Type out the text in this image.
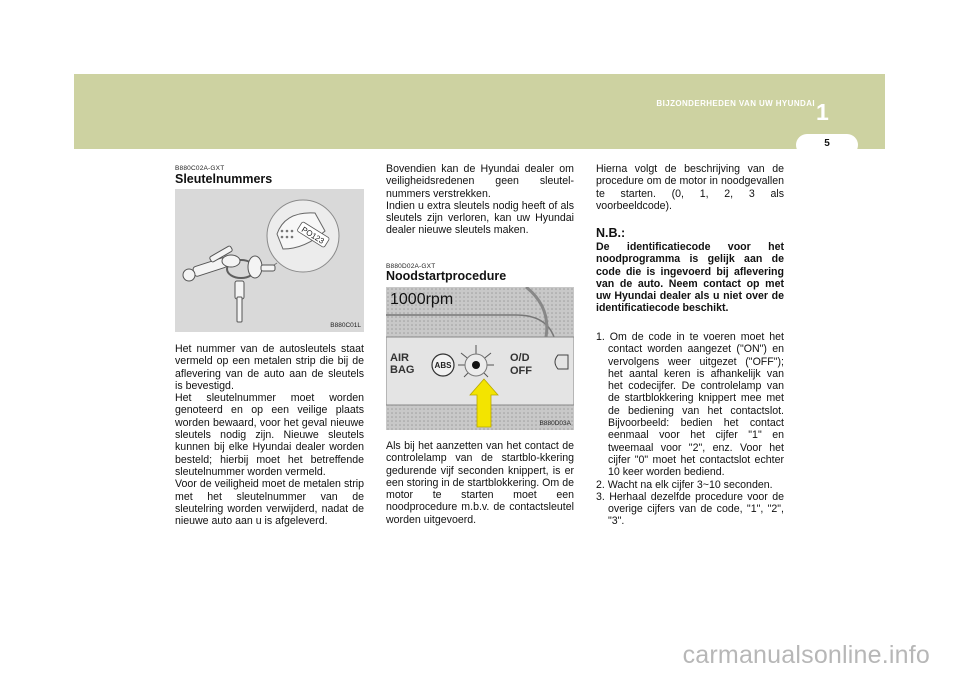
BIJZONDERHEDEN VAN UW HYUNDAI 1
5
B880C02A-GXT
Sleutelnummers
PO123
B880C01L

Het nummer van de autosleutels staat vermeld op een metalen strip die bij de aflevering van de auto aan de sleutels is bevestigd.

Het sleutelnummer moet worden genoteerd en op een veilige plaats worden bewaard, voor het geval nieuwe sleutels nodig zijn. Nieuwe sleutels kunnen bij elke Hyundai dealer worden besteld; hierbij moet het betreffende sleutelnummer worden vermeld.

Voor de veiligheid moet de metalen strip met het sleutelnummer van de sleutelring worden verwijderd, nadat de nieuwe auto aan u is afgeleverd.

Bovendien kan de Hyundai dealer om veiligheidsredenen geen sleutel-nummers verstrekken.

Indien u extra sleutels nodig heeft of als sleutels zijn verloren, kan uw Hyundai dealer nieuwe sleutels maken.

B880D02A-GXT
Noodstartprocedure
1000rpm
AIR
BAG	ABS
O/D
OFF
B880D03A
Als bij het aanzetten van het contact de controlelamp van de startblo-kkering gedurende vijf seconden knippert, is er een storing in de startblokkering. Om de motor te starten moet een noodprocedure m.b.v. de contactsleutel worden uitgevoerd.
Hierna volgt de beschrijving van de procedure om de motor in noodgevallen te starten. (0, 1, 2, 3 als voorbeeldcode).
N.B.:
De identificatiecode voor het noodprogramma is gelijk aan de code die is ingevoerd bij aflevering van de auto. Neem contact op met uw Hyundai dealer als u niet over de identificatiecode beschikt.
1. Om de code in te voeren moet het contact worden aangezet ("ON") en vervolgens weer uitgezet ("OFF"); het aantal keren is afhankelijk van het codecijfer. De controlelamp van de startblokkering knippert mee met de bediening van het contactslot. Bijvoorbeeld: bedien het contact eenmaal voor het cijfer "1" en tweemaal voor "2", enz. Voor het cijfer "0" moet het contactslot echter 10 keer worden bediend.
2. Wacht na elk cijfer 3~10 seconden.
3. Herhaal dezelfde procedure voor de overige cijfers van de code, "1", "2", "3".
carmanualsonline.info
